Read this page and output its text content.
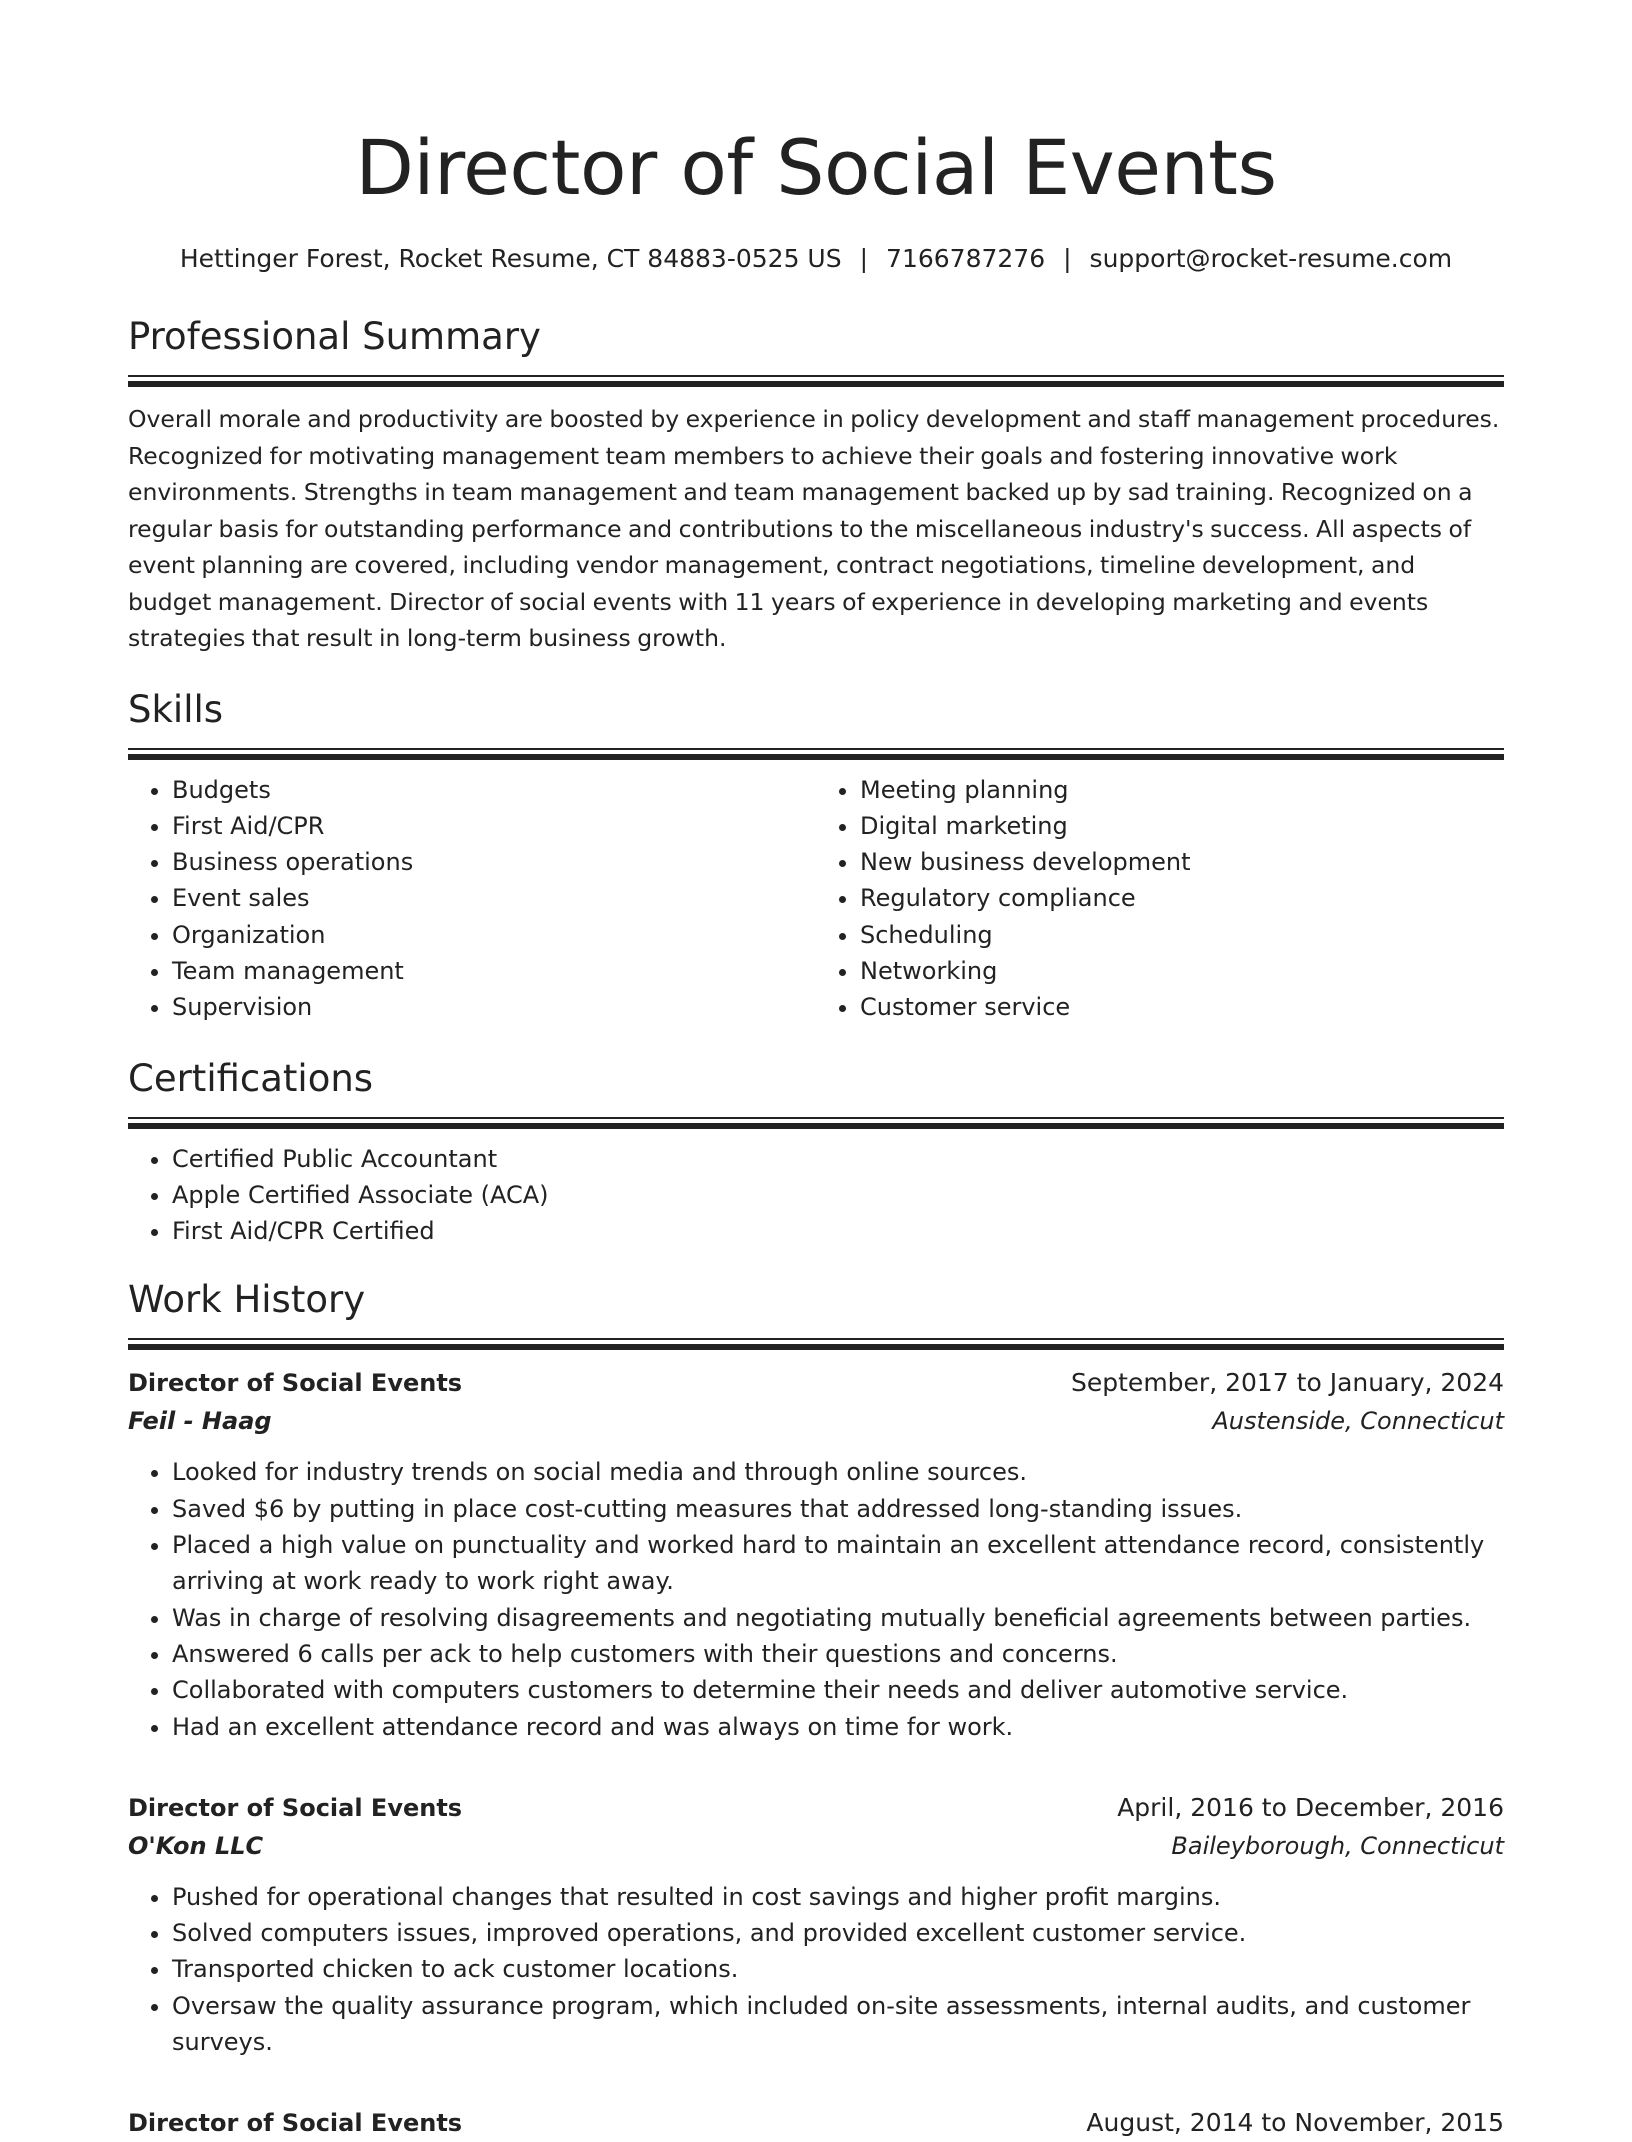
Director of Social Events
Hettinger Forest, Rocket Resume, CT 84883-0525 US | 7166787276 | support@rocket-resume.com
Professional Summary
Overall morale and productivity are boosted by experience in policy development and staff management procedures. Recognized for motivating management team members to achieve their goals and fostering innovative work environments. Strengths in team management and team management backed up by sad training. Recognized on a regular basis for outstanding performance and contributions to the miscellaneous industry's success. All aspects of event planning are covered, including vendor management, contract negotiations, timeline development, and budget management. Director of social events with 11 years of experience in developing marketing and events strategies that result in long-term business growth.
Skills
• Budgets
• First Aid/CPR
• Business operations
• Event sales
• Organization
• Team management
• Supervision
• Meeting planning
• Digital marketing
• New business development
• Regulatory compliance
• Scheduling
• Networking
• Customer service
Certifications
• Certified Public Accountant
• Apple Certified Associate (ACA)
• First Aid/CPR Certified
Work History
Director of Social Events	September, 2017 to January, 2024
Feil - Haag	Austenside, Connecticut
• Looked for industry trends on social media and through online sources.
• Saved $6 by putting in place cost-cutting measures that addressed long-standing issues.
• Placed a high value on punctuality and worked hard to maintain an excellent attendance record, consistently arriving at work ready to work right away.
• Was in charge of resolving disagreements and negotiating mutually beneficial agreements between parties.
• Answered 6 calls per ack to help customers with their questions and concerns.
• Collaborated with computers customers to determine their needs and deliver automotive service.
• Had an excellent attendance record and was always on time for work.
Director of Social Events	April, 2016 to December, 2016
O'Kon LLC	Baileyborough, Connecticut
• Pushed for operational changes that resulted in cost savings and higher profit margins.
• Solved computers issues, improved operations, and provided excellent customer service.
• Transported chicken to ack customer locations.
• Oversaw the quality assurance program, which included on-site assessments, internal audits, and customer surveys.
Director of Social Events	August, 2014 to November, 2015
